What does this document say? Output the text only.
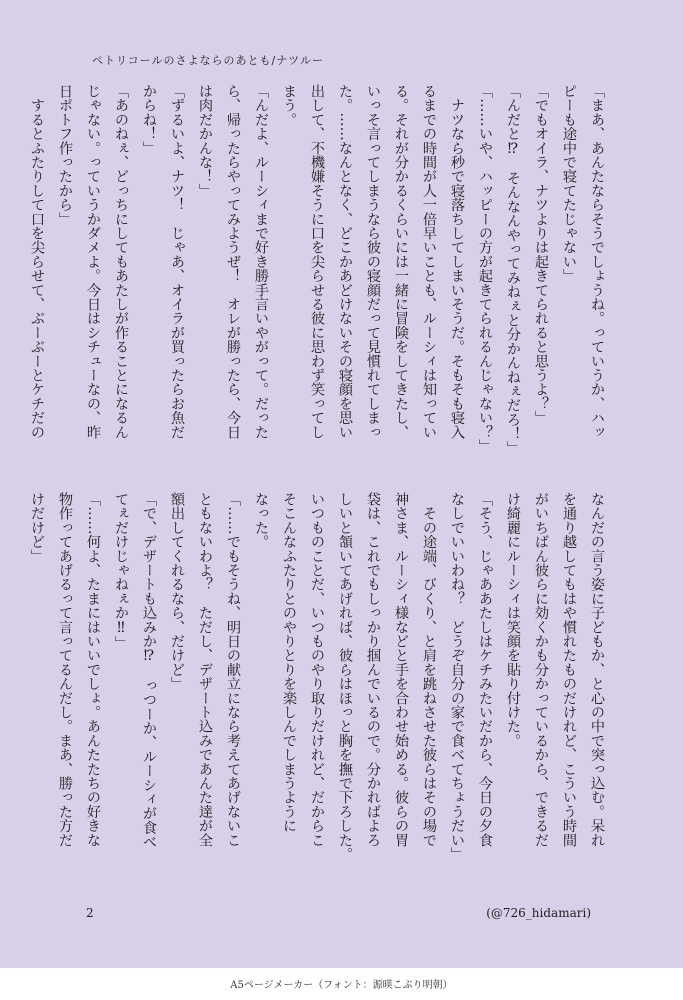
ペトリコールのさよならのあとも/ナツルー

「まあ、あんたならそうでしょうね。っていうか、ハッ

ピーも途中で寝てたじゃない」

「でもオイラ、ナツよりは起きてられると思うよ？」

「んだと⁉　そんなんやってみねぇと分かんねぇだろ！」

「……いや、ハッピーの方が起きてられるんじゃない？」

　ナツなら秒で寝落ちしてしまいそうだ。そもそも寝入

るまでの時間が人一倍早いことも、ルーシィは知ってい

る。それが分かるくらいには一緒に冒険をしてきたし、

いっそ言ってしまうなら彼の寝顔だって見慣れてしまっ

た。……なんとなく、どこかあどけないその寝顔を思い

出して、不機嫌そうに口を尖らせる彼に思わず笑ってし

まう。

「んだよ、ルーシィまで好き勝手言いやがって。だった

ら、帰ったらやってみようぜ！　オレが勝ったら、今日

は肉だかんな！」

「ずるいよ、ナツ！　じゃあ、オイラが買ったらお魚だ

からね！」

「あのねぇ、どっちにしてもあたしが作ることになるん

じゃない。っていうかダメよ。今日はシチューなの、昨

日ポトフ作ったから」

　するとふたりして口を尖らせて、ぶーぶーとケチだの

なんだの言う姿に子どもか、と心の中で突っ込む。呆れ

を通り越してもはや慣れたものだけれど、こういう時間

がいちばん彼らに効くかも分かっているから、できるだ

け綺麗にルーシィは笑顔を貼り付けた。

「そう、じゃああたしはケチみたいだから、今日の夕食

なしでいいわね？　どうぞ自分の家で食べてちょうだい」

　その途端、びくり、と肩を跳ねさせた彼らはその場で

神さま、ルーシィ様などと手を合わせ始める。彼らの胃

袋は、これでもしっかり掴んでいるので。分かればよろ

しいと頷いてあげれば、彼らはほっと胸を撫で下ろした。

いつものことだ、いつものやり取りだけれど、だからこ

そこんなふたりとのやりとりを楽しんでしまうように

なった。

「……でもそうね、明日の献立になら考えてあげないこ

ともないわよ？　ただし、デザート込みであんた達が全

額出してくれるなら、だけど」

「で、デザートも込みか⁉　っつーか、ルーシィが食べ

てぇだけじゃねぇか‼」

「……何よ、たまにはいいでしょ。あんたたちの好きな

物作ってあげるって言ってるんだし。まあ、勝った方だ

けだけど」

2	(@726_hidamari)
A5ページメーカー（フォント：源暎こぶり明朝）
